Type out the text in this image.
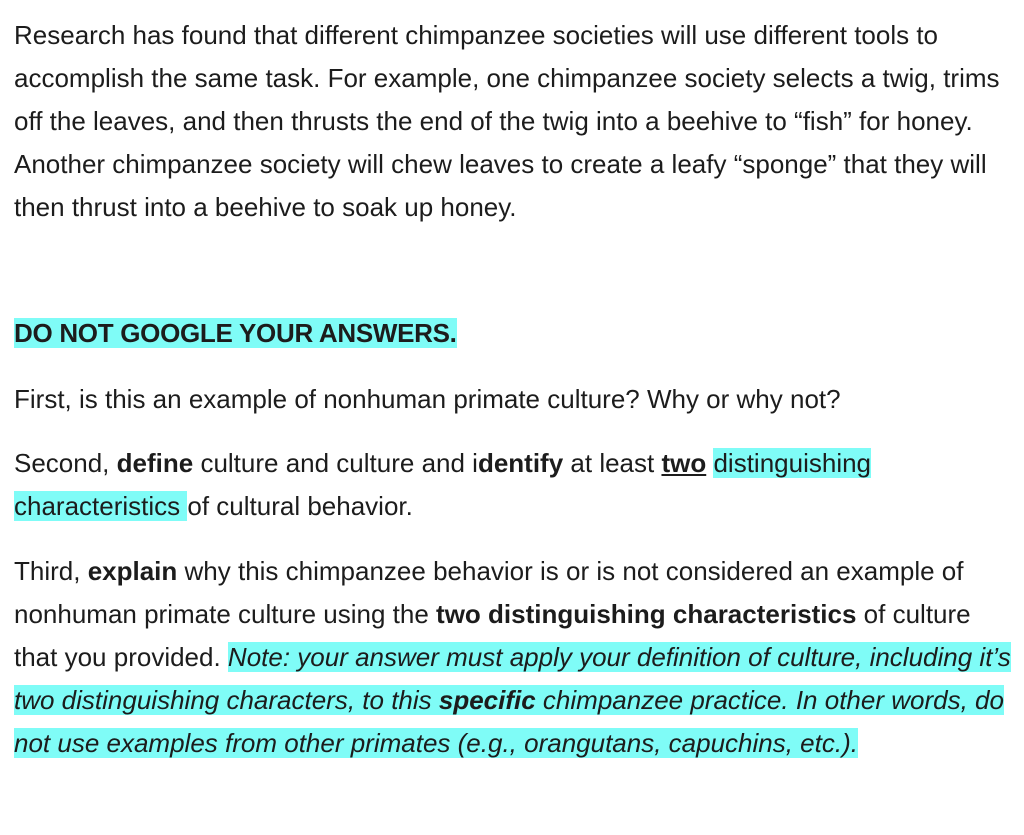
Research has found that different chimpanzee societies will use different tools to accomplish the same task. For example, one chimpanzee society selects a twig, trims off the leaves, and then thrusts the end of the twig into a beehive to “fish” for honey. Another chimpanzee society will chew leaves to create a leafy “sponge” that they will then thrust into a beehive to soak up honey.

DO NOT GOOGLE YOUR ANSWERS.

First, is this an example of nonhuman primate culture? Why or why not?

Second, define culture and culture and identify at least two distinguishing characteristics of cultural behavior.

Third, explain why this chimpanzee behavior is or is not considered an example of nonhuman primate culture using the two distinguishing characteristics of culture that you provided. Note: your answer must apply your definition of culture, including it’s two distinguishing characters, to this specific chimpanzee practice. In other words, do not use examples from other primates (e.g., orangutans, capuchins, etc.).
